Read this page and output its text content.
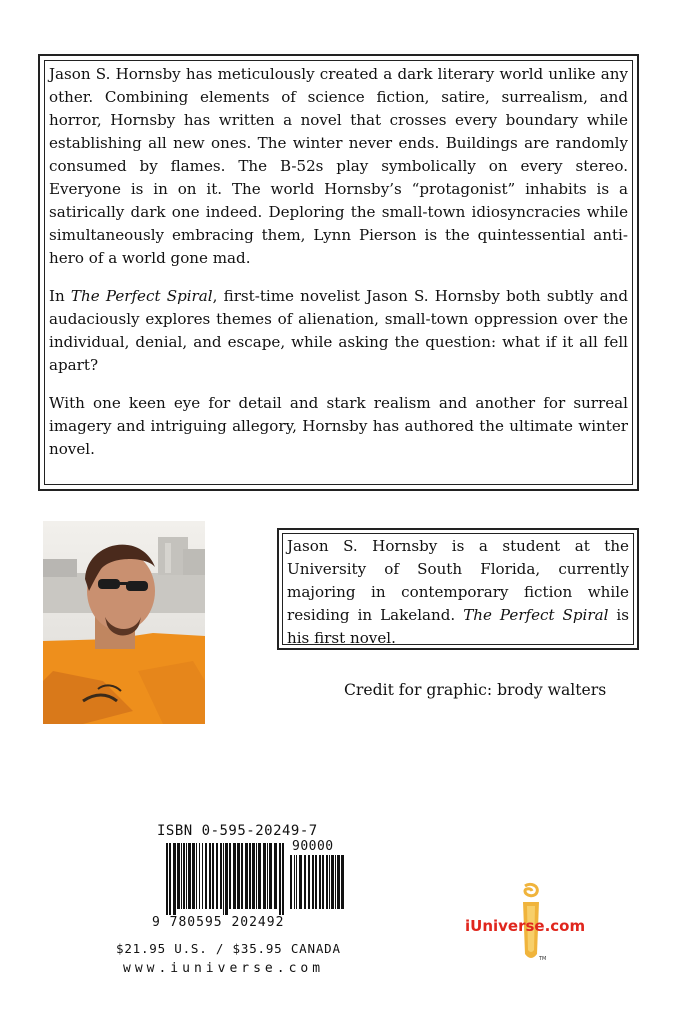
Jason S. Hornsby has meticulously created a dark literary world unlike any other. Combining elements of science fiction, satire, surrealism, and horror, Hornsby has written a novel that crosses every boundary while establishing all new ones. The winter never ends. Buildings are randomly consumed by flames. The B-52s play symbolically on every stereo. Everyone is in on it. The world Hornsby’s “protagonist” inhabits is a satirically dark one indeed. Deploring the small-town idiosyncracies while simultaneously embracing them, Lynn Pierson is the quintessential anti-hero of a world gone mad.

In The Perfect Spiral, first-time novelist Jason S. Hornsby both subtly and audaciously explores themes of alienation, small-town oppression over the individual, denial, and escape, while asking the question: what if it all fell apart?

With one keen eye for detail and stark realism and another for surreal imagery and intriguing allegory, Hornsby has authored the ultimate winter novel.

Jason S. Hornsby is a student at the University of South Florida, currently majoring in contemporary fiction while residing in Lakeland. The Perfect Spiral is his first novel.

Credit for graphic: brody walters
ISBN 0-595-20249-7
90000
9 780595 202492
$21.95 U.S. / $35.95 CANADA
www.iuniverse.com
TM
iUniverse.com
